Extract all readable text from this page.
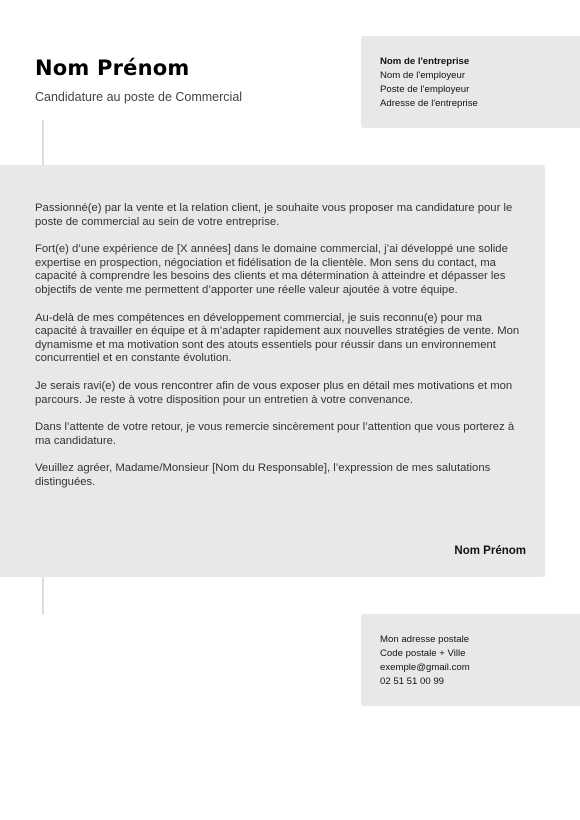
Nom Prénom
Candidature au poste de Commercial
Nom de l'entreprise
Nom de l'employeur
Poste de l'employeur
Adresse de l'entreprise

Passionné(e) par la vente et la relation client, je souhaite vous proposer ma candidature pour le poste de commercial au sein de votre entreprise.

Fort(e) d’une expérience de [X années] dans le domaine commercial, j’ai développé une solide expertise en prospection, négociation et fidélisation de la clientèle. Mon sens du contact, ma capacité à comprendre les besoins des clients et ma détermination à atteindre et dépasser les objectifs de vente me permettent d’apporter une réelle valeur ajoutée à votre équipe.

Au-delà de mes compétences en développement commercial, je suis reconnu(e) pour ma capacité à travailler en équipe et à m’adapter rapidement aux nouvelles stratégies de vente. Mon dynamisme et ma motivation sont des atouts essentiels pour réussir dans un environnement concurrentiel et en constante évolution.

Je serais ravi(e) de vous rencontrer afin de vous exposer plus en détail mes motivations et mon parcours. Je reste à votre disposition pour un entretien à votre convenance.

Dans l’attente de votre retour, je vous remercie sincèrement pour l’attention que vous porterez à ma candidature.

Veuillez agréer, Madame/Monsieur [Nom du Responsable], l’expression de mes salutations distinguées.

Nom Prénom
Mon adresse postale
Code postale + Ville
exemple@gmail.com
02 51 51 00 99
